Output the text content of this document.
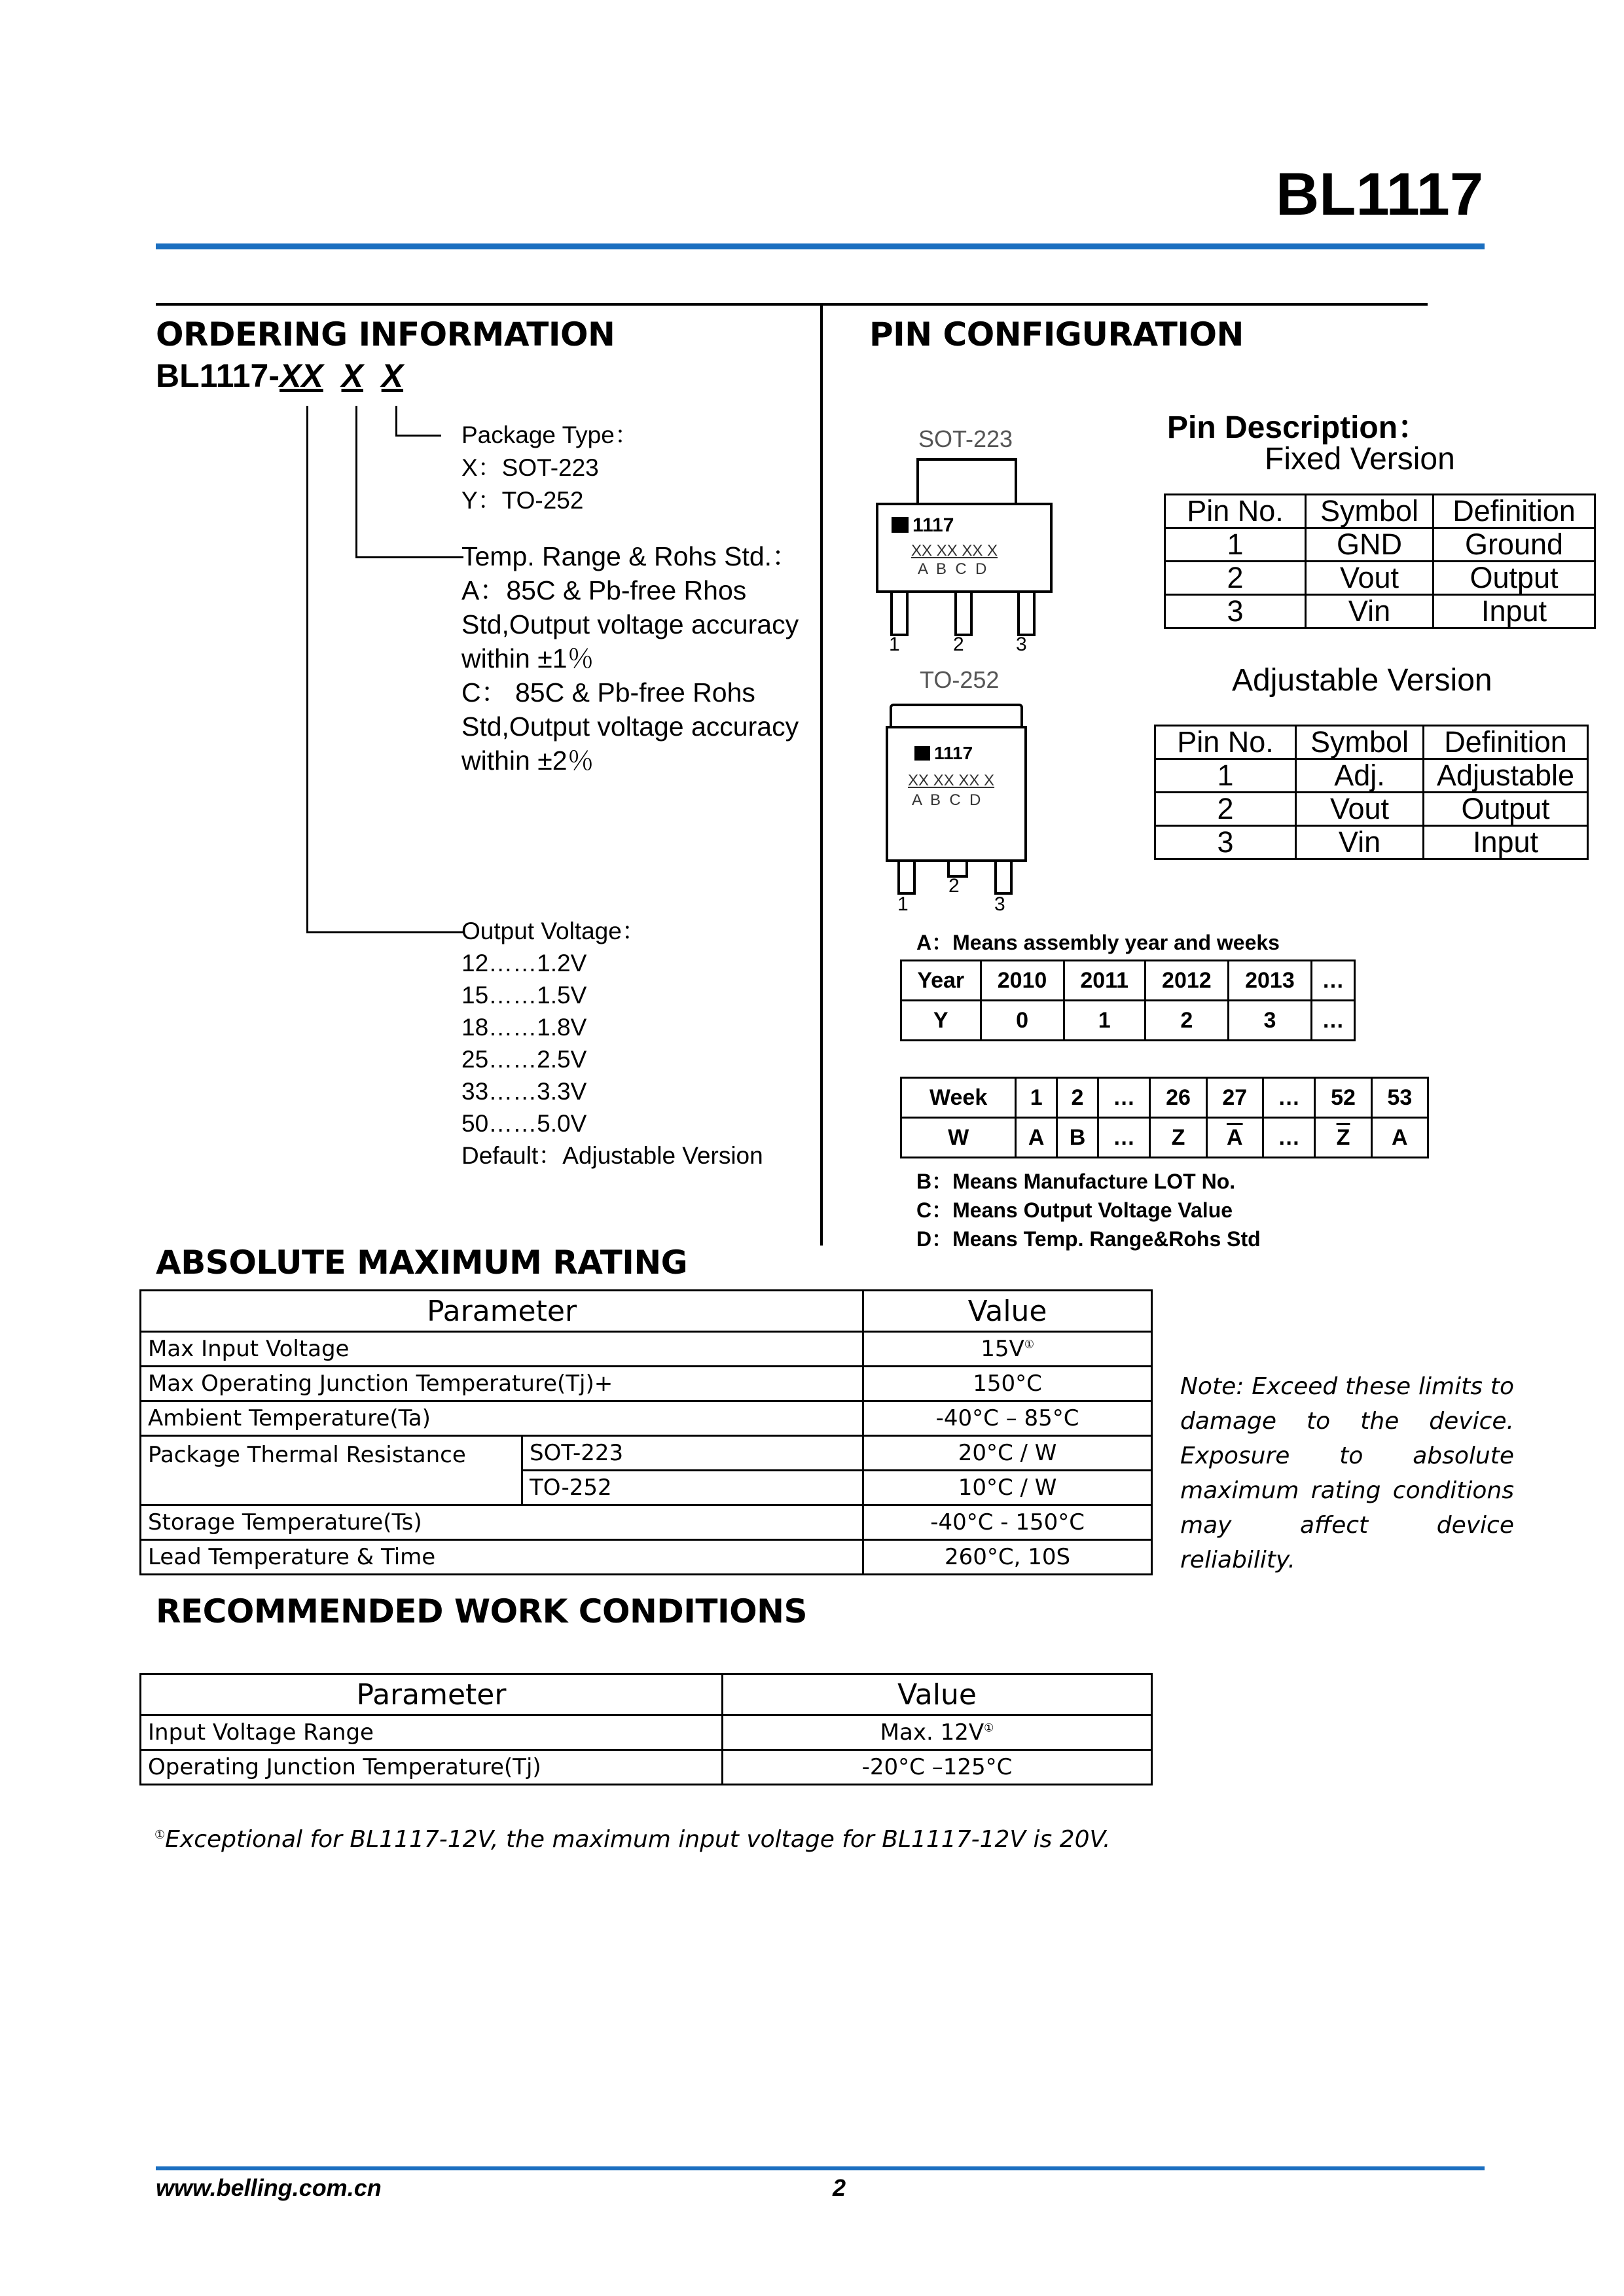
BL1117
ORDERING INFORMATION
BL1117-XX X X
Package Type：
X：SOT-223
Y：TO-252
Temp. Range & Rohs Std.：
A：85C & Pb-free Rhos
Std,Output voltage accuracy
within ±1％
C： 85C & Pb-free Rohs
Std,Output voltage accuracy
within ±2％
Output Voltage：
12……1.2V
15……1.5V
18……1.8V
25……2.5V
33……3.3V
50……5.0V
Default：Adjustable Version
PIN CONFIGURATION
SOT-223
1117
XX XX XX X
A  B  C  D
1	2	3
TO-252
1117
XX XX XX X
A  B  C  D
1
2
3
Pin Description：
Fixed Version
Pin No.	Symbol	Definition
1	GND	Ground
2	Vout	Output
3	Vin	Input
Adjustable Version
Pin No.	Symbol	Definition
1	Adj.	Adjustable
2	Vout	Output
3	Vin	Input
A：Means assembly year and weeks
Year	2010	2011	2012	2013	…
Y	0	1	2	3	…
Week	1	2	…	26	27	…	52	53
W	A	B	…	Z	$\overline{A}$	…	$\overline{Z}$	A
B：Means Manufacture LOT No.
C：Means Output Voltage Value
D：Means Temp. Range&Rohs Std
ABSOLUTE MAXIMUM RATING
Parameter		Value
Max Input Voltage		15V①
Max Operating Junction Temperature(Tj)+		150°C
Ambient Temperature(Ta)		-40°C – 85°C
Package Thermal Resistance	SOT-223	20°C / W
	TO-252	10°C / W
Storage Temperature(Ts)		-40°C - 150°C
Lead Temperature & Time		260°C, 10S
Note: Exceed these limits to damage to the device. Exposure to absolute maximum rating conditions may affect device reliability.
RECOMMENDED WORK CONDITIONS
Parameter	Value
Input Voltage Range	Max. 12V①
Operating Junction Temperature(Tj)	-20°C –125°C
①Exceptional for BL1117-12V, the maximum input voltage for BL1117-12V is 20V.
www.belling.com.cn	2
